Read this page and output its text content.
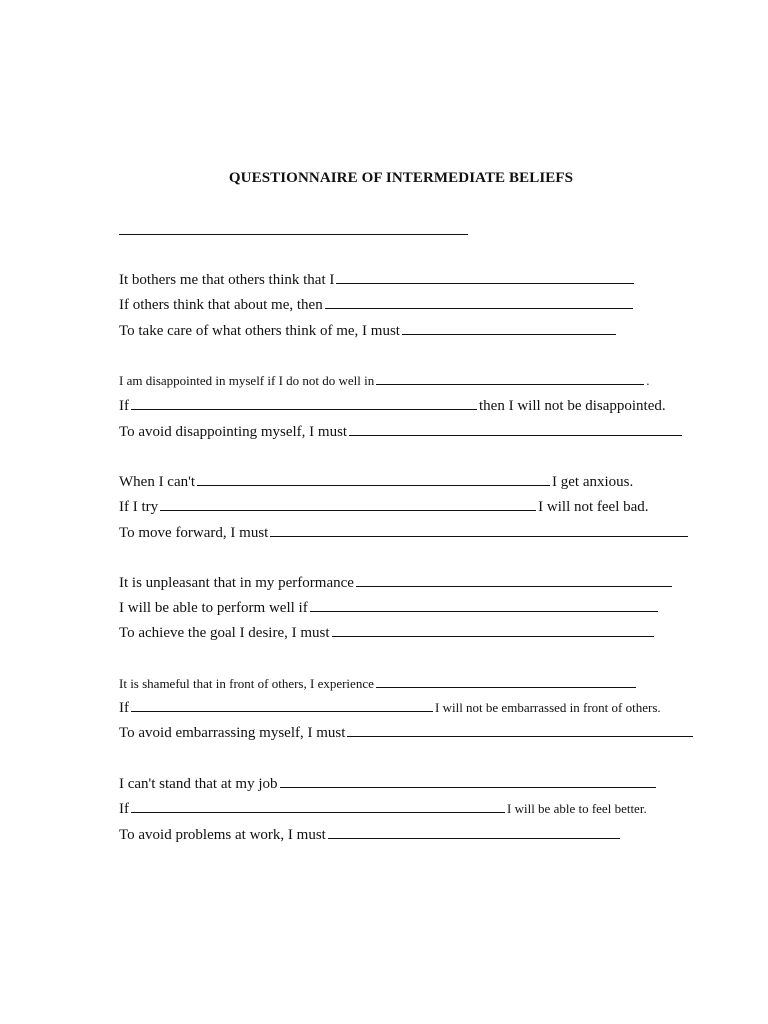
QUESTIONNAIRE OF INTERMEDIATE BELIEFS
It bothers me that others think that I
If others think that about me, then
To take care of what others think of me, I must
I am disappointed in myself if I do not do well in	.
If	then I will not be disappointed.
To avoid disappointing myself, I must
When I can't	I get anxious.
If I try	I will not feel bad.
To move forward, I must
It is unpleasant that in my performance
I will be able to perform well if
To achieve the goal I desire, I must
It is shameful that in front of others, I experience
If	I will not be embarrassed in front of others.
To avoid embarrassing myself, I must
I can't stand that at my job
If	I will be able to feel better.
To avoid problems at work, I must
